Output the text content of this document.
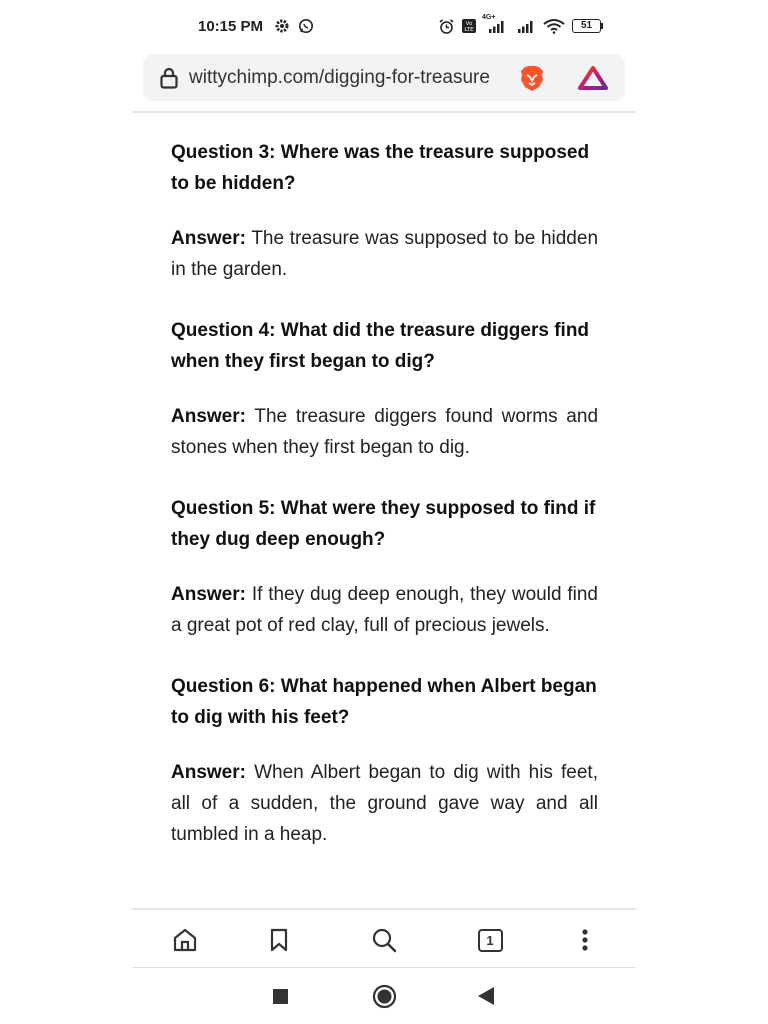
10:15 PM	Vo
LTE
4G+
51
wittychimp.com/digging-for-treasure

Question 3: Where was the treasure supposed to be hidden?

Answer: The treasure was supposed to be hidden in the garden.

Question 4: What did the treasure diggers find when they first began to dig?

Answer: The treasure diggers found worms and stones when they first began to dig.

Question 5: What were they supposed to find if they dug deep enough?

Answer: If they dug deep enough, they would find a great pot of red clay, full of precious jewels.

Question 6: What happened when Albert began to dig with his feet?

Answer: When Albert began to dig with his feet, all of a sudden, the ground gave way and all tumbled in a heap.

1
